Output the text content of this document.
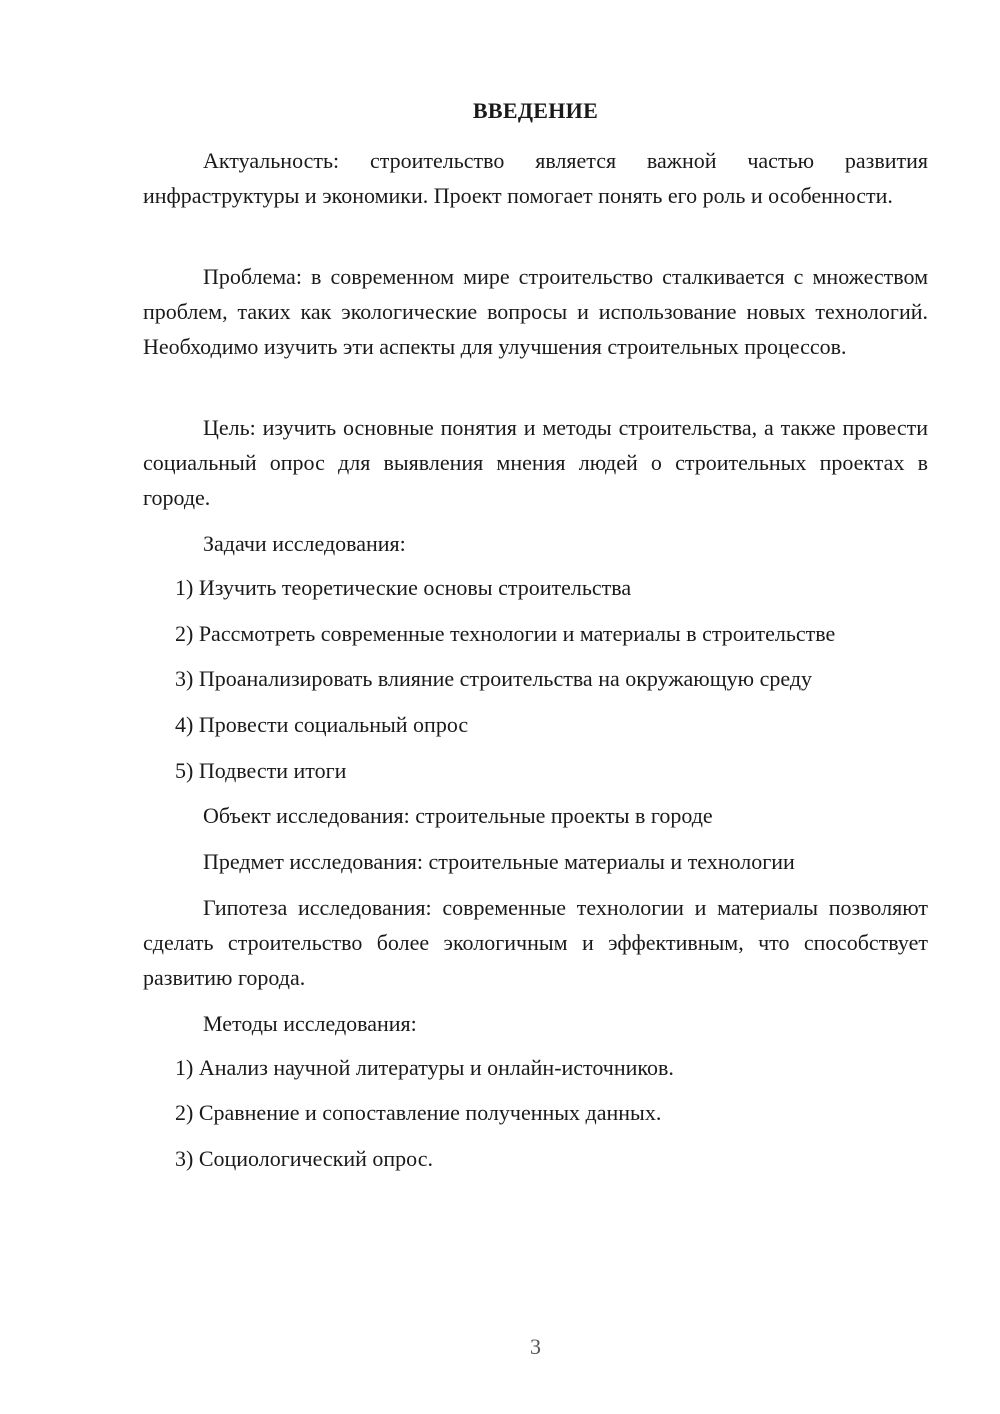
ВВЕДЕНИЕ

Актуальность: строительство является важной частью развития инфраструктуры и экономики. Проект помогает понять его роль и особенности.

Проблема: в современном мире строительство сталкивается с множеством проблем, таких как экологические вопросы и использование новых технологий. Необходимо изучить эти аспекты для улучшения строительных процессов.

Цель: изучить основные понятия и методы строительства, а также провести социальный опрос для выявления мнения людей о строительных проектах в городе.

Задачи исследования:

1) Изучить теоретические основы строительства

2) Рассмотреть современные технологии и материалы в строительстве

3) Проанализировать влияние строительства на окружающую среду

4) Провести социальный опрос

5) Подвести итоги

Объект исследования: строительные проекты в городе

Предмет исследования: строительные материалы и технологии

Гипотеза исследования: современные технологии и материалы позволяют сделать строительство более экологичным и эффективным, что способствует развитию города.

Методы исследования:

1) Анализ научной литературы и онлайн-источников.

2) Сравнение и сопоставление полученных данных.

3) Социологический опрос.

3
